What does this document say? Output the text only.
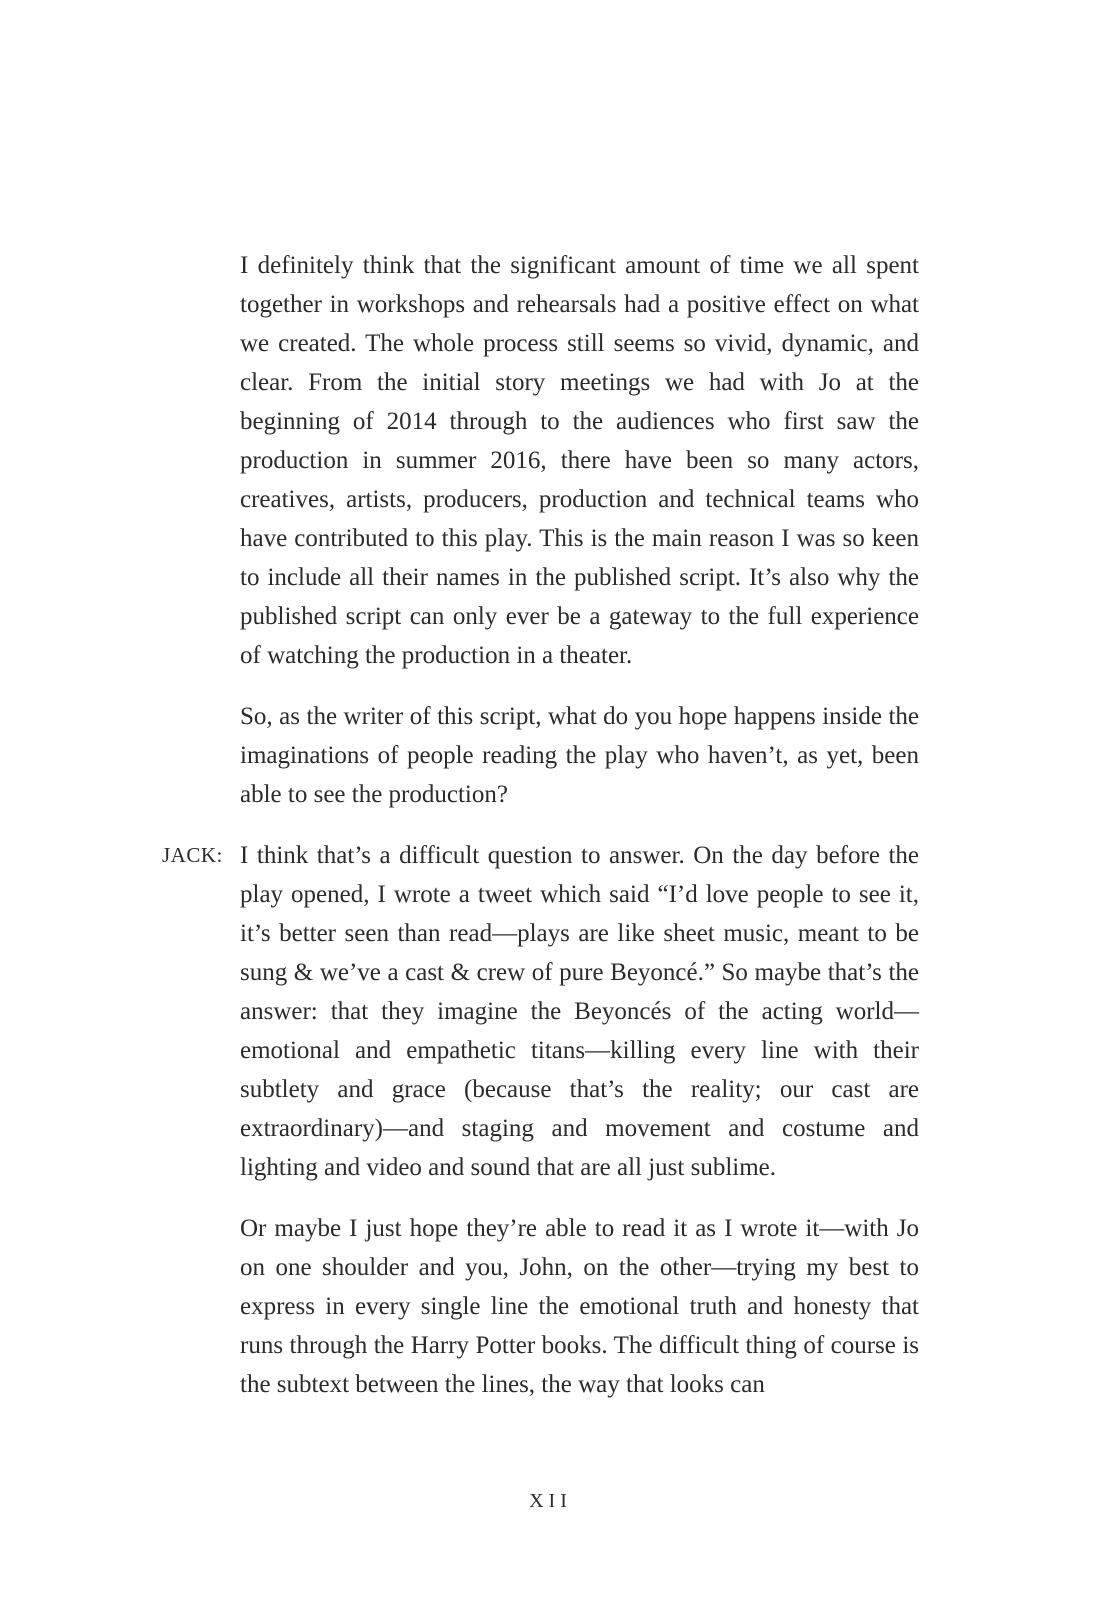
I definitely think that the significant amount of time we all spent together in workshops and rehearsals had a positive effect on what we created. The whole process still seems so vivid, dynamic, and clear. From the initial story meetings we had with Jo at the beginning of 2014 through to the audiences who first saw the production in summer 2016, there have been so many actors, creatives, artists, producers, production and technical teams who have contributed to this play. This is the main reason I was so keen to include all their names in the published script. It’s also why the published script can only ever be a gateway to the full experience of watching the production in a theater.

So, as the writer of this script, what do you hope happens inside the imaginations of people reading the play who haven’t, as yet, been able to see the production?

JACK: I think that’s a difficult question to answer. On the day before the play opened, I wrote a tweet which said “I’d love people to see it, it’s better seen than read—plays are like sheet music, meant to be sung & we’ve a cast & crew of pure Beyoncé.” So maybe that’s the answer: that they imagine the Beyoncés of the acting world—emotional and empathetic titans—killing every line with their subtlety and grace (because that’s the reality; our cast are extraordinary)—and staging and movement and costume and lighting and video and sound that are all just sublime.

Or maybe I just hope they’re able to read it as I wrote it—with Jo on one shoulder and you, John, on the other—trying my best to express in every single line the emotional truth and honesty that runs through the Harry Potter books. The difficult thing of course is the subtext between the lines, the way that looks can

XII
